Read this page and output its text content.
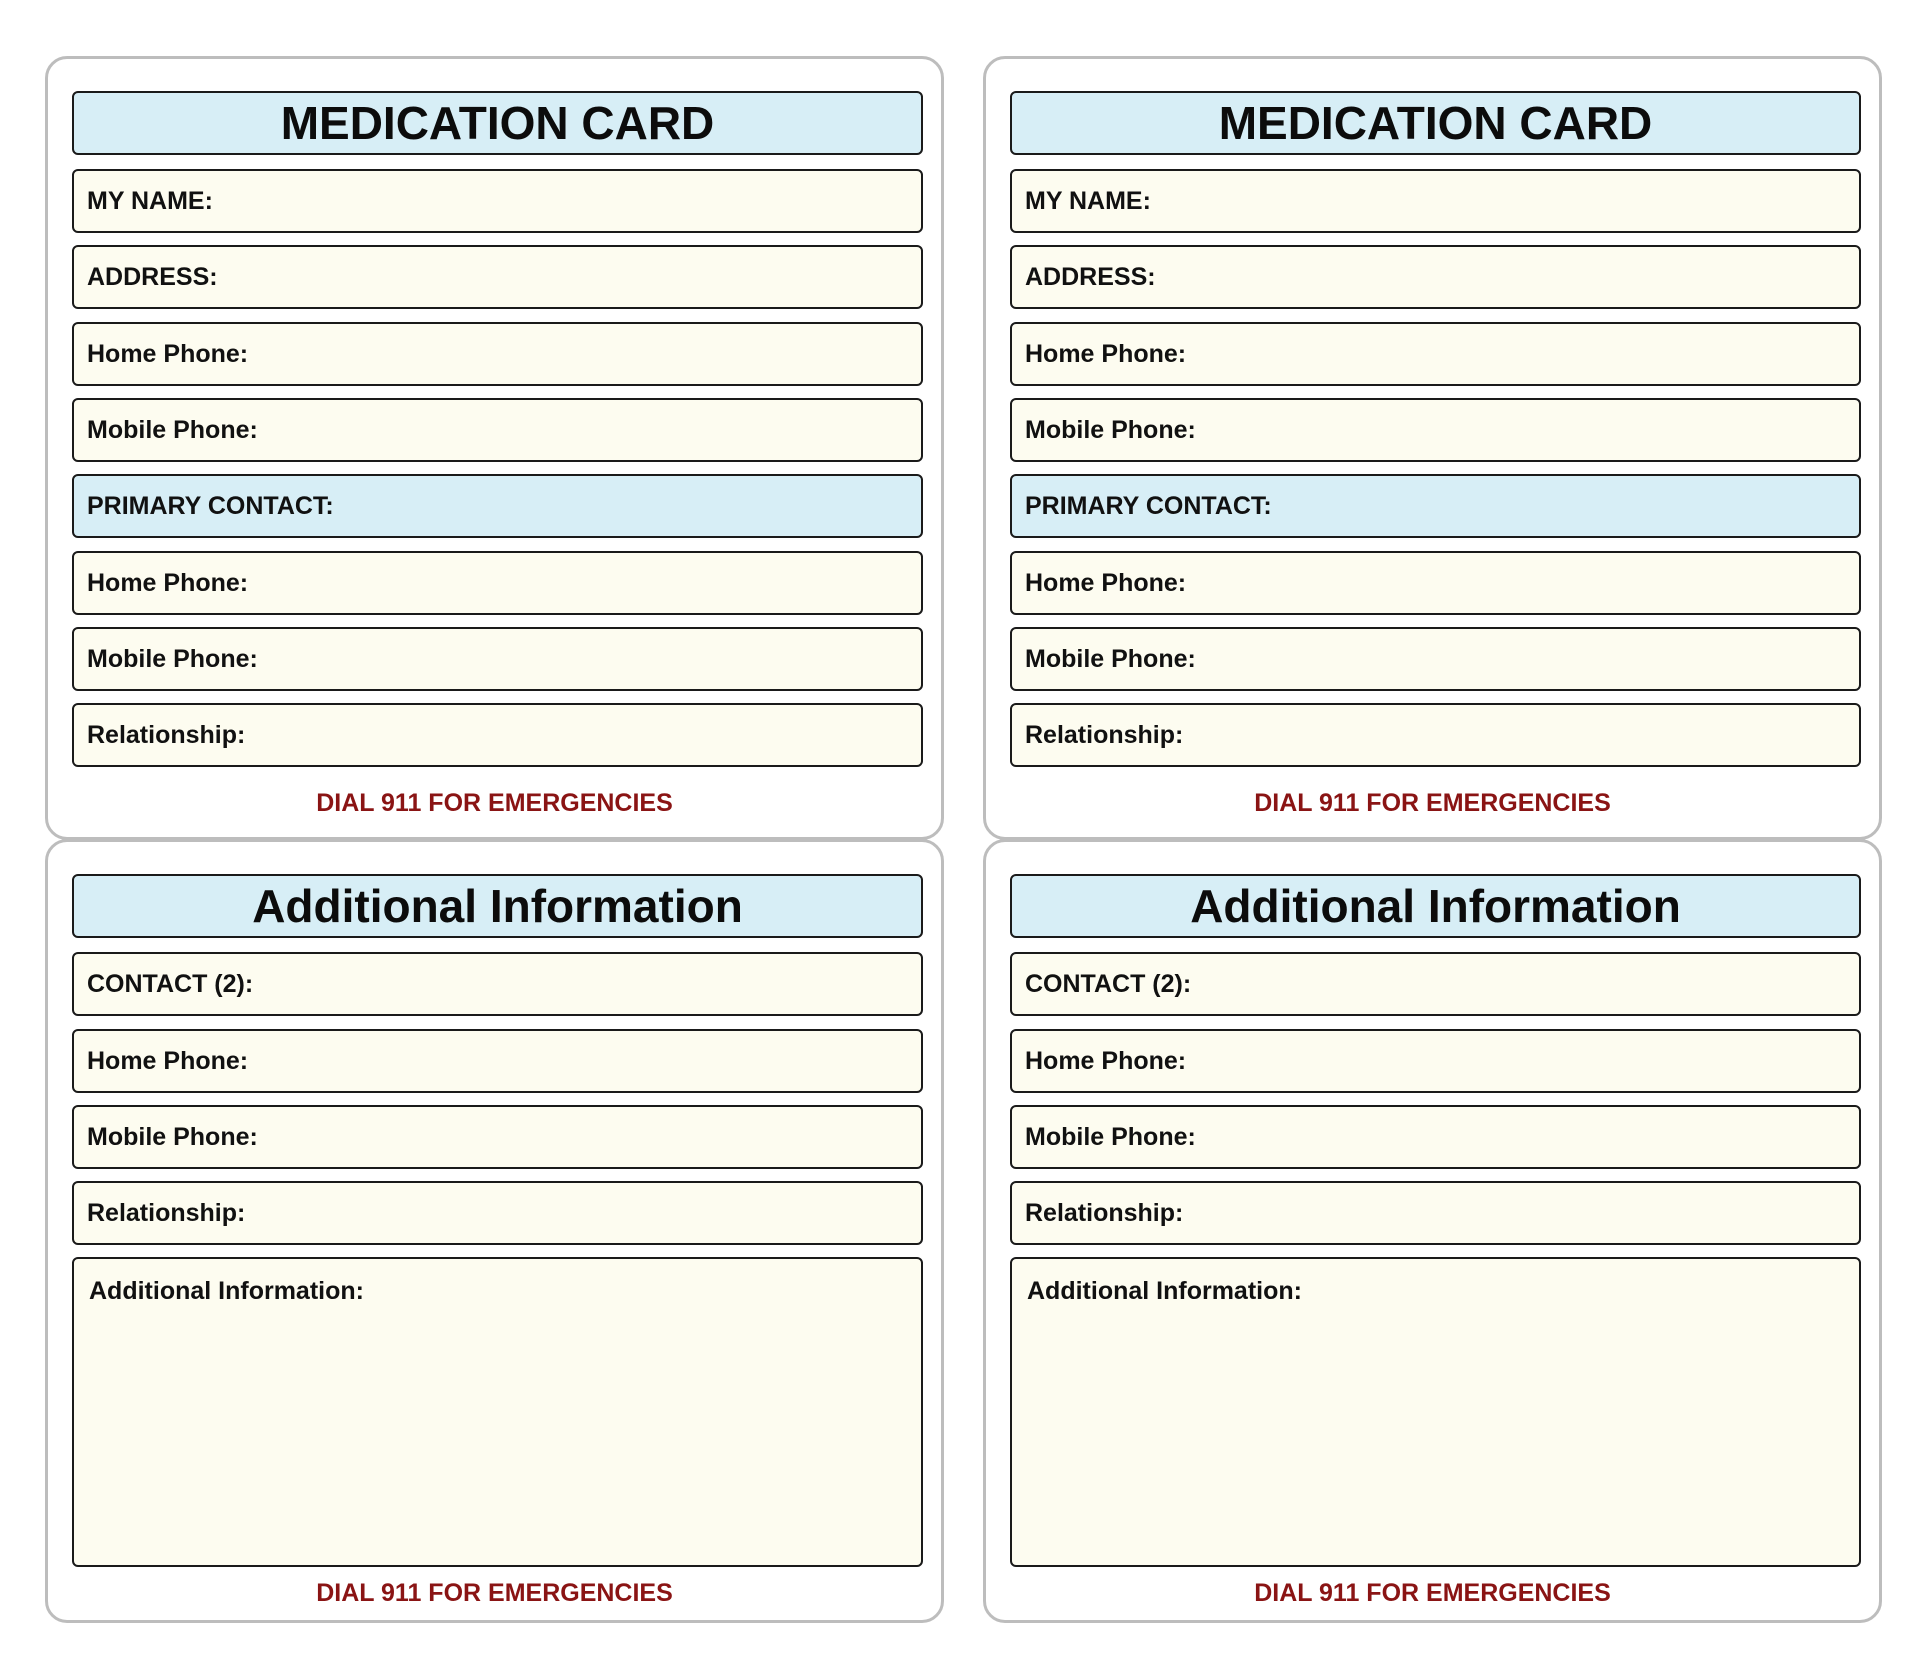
MEDICATION CARD
MY NAME:
ADDRESS:
Home Phone:
Mobile Phone:
PRIMARY CONTACT:
Home Phone:
Mobile Phone:
Relationship:
DIAL 911 FOR EMERGENCIES
MEDICATION CARD
MY NAME:
ADDRESS:
Home Phone:
Mobile Phone:
PRIMARY CONTACT:
Home Phone:
Mobile Phone:
Relationship:
DIAL 911 FOR EMERGENCIES
Additional Information
CONTACT (2):
Home Phone:
Mobile Phone:
Relationship:
Additional Information:
DIAL 911 FOR EMERGENCIES
Additional Information
CONTACT (2):
Home Phone:
Mobile Phone:
Relationship:
Additional Information:
DIAL 911 FOR EMERGENCIES
